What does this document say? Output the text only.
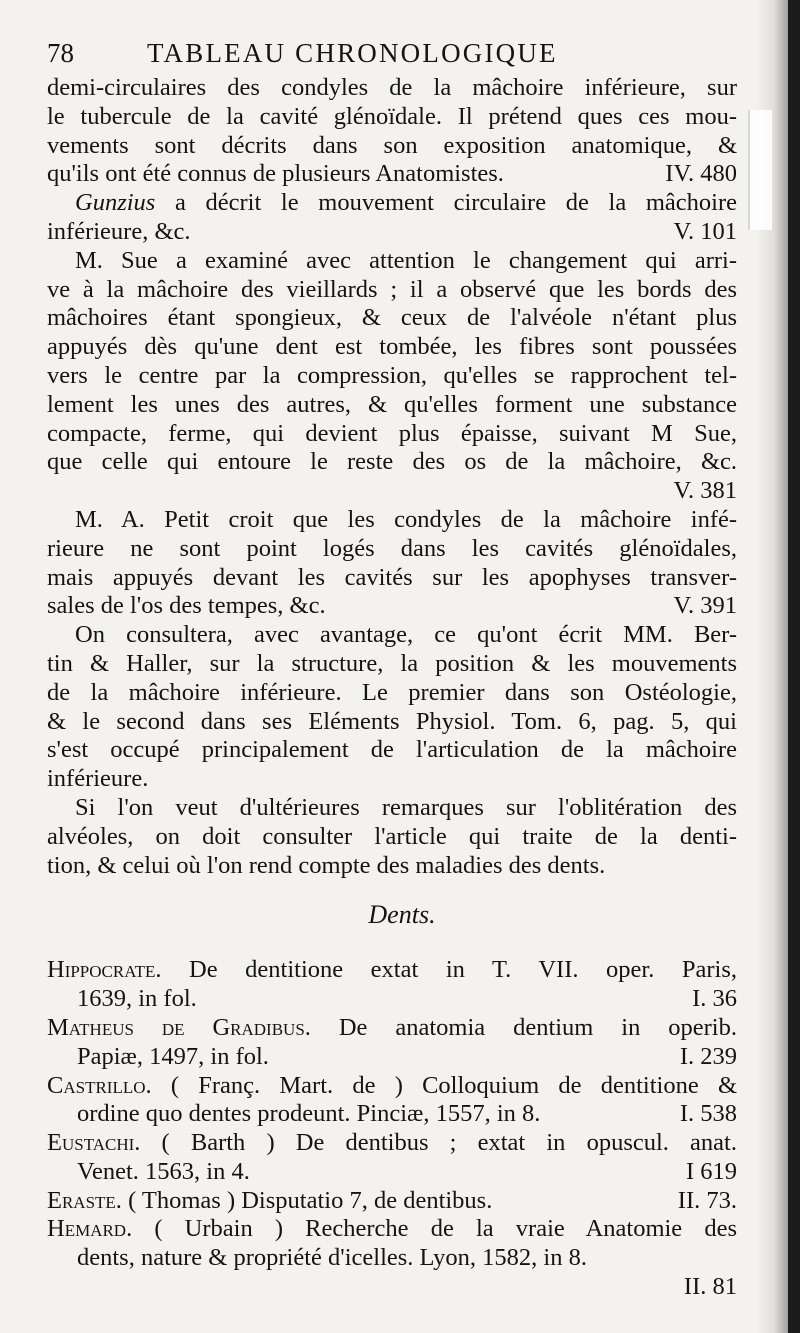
78	TABLEAU CHRONOLOGIQUE
demi-circulaires des condyles de la mâchoire inférieure, sur
le tubercule de la cavité glénoïdale. Il prétend ques ces mou-
vements sont décrits dans son exposition anatomique, &
qu'ils ont été connus de plusieurs Anatomistes.	IV. 480
Gunzius a décrit le mouvement circulaire de la mâchoire
inférieure, &c.	V. 101
M. Sue a examiné avec attention le changement qui arri-
ve à la mâchoire des vieillards ; il a observé que les bords des
mâchoires étant spongieux, & ceux de l'alvéole n'étant plus
appuyés dès qu'une dent est tombée, les fibres sont poussées
vers le centre par la compression, qu'elles se rapprochent tel-
lement les unes des autres, & qu'elles forment une substance
compacte, ferme, qui devient plus épaisse, suivant M Sue,
que celle qui entoure le reste des os de la mâchoire, &c.
V. 381
M. A. Petit croit que les condyles de la mâchoire infé-
rieure ne sont point logés dans les cavités glénoïdales,
mais appuyés devant les cavités sur les apophyses transver-
sales de l'os des tempes, &c.	V. 391
On consultera, avec avantage, ce qu'ont écrit MM. Ber-
tin & Haller, sur la structure, la position & les mouvements
de la mâchoire inférieure. Le premier dans son Ostéologie,
& le second dans ses Eléments Physiol. Tom. 6, pag. 5, qui
s'est occupé principalement de l'articulation de la mâchoire
inférieure.
Si l'on veut d'ultérieures remarques sur l'oblitération des
alvéoles, on doit consulter l'article qui traite de la denti-
tion, & celui où l'on rend compte des maladies des dents.
Dents.
Hippocrate. De dentitione extat in T. VII. oper. Paris,
1639, in fol.	I. 36
Matheus de Gradibus. De anatomia dentium in operib.
Papiæ, 1497, in fol.	I. 239
Castrillo. ( Franç. Mart. de ) Colloquium de dentitione &
ordine quo dentes prodeunt. Pinciæ, 1557, in 8.	I. 538
Eustachi. ( Barth ) De dentibus ; extat in opuscul. anat.
Venet. 1563, in 4.	I 619
Eraste. ( Thomas ) Disputatio 7, de dentibus.	II. 73.
Hemard. ( Urbain ) Recherche de la vraie Anatomie des
dents, nature & propriété d'icelles. Lyon, 1582, in 8.
II. 81
